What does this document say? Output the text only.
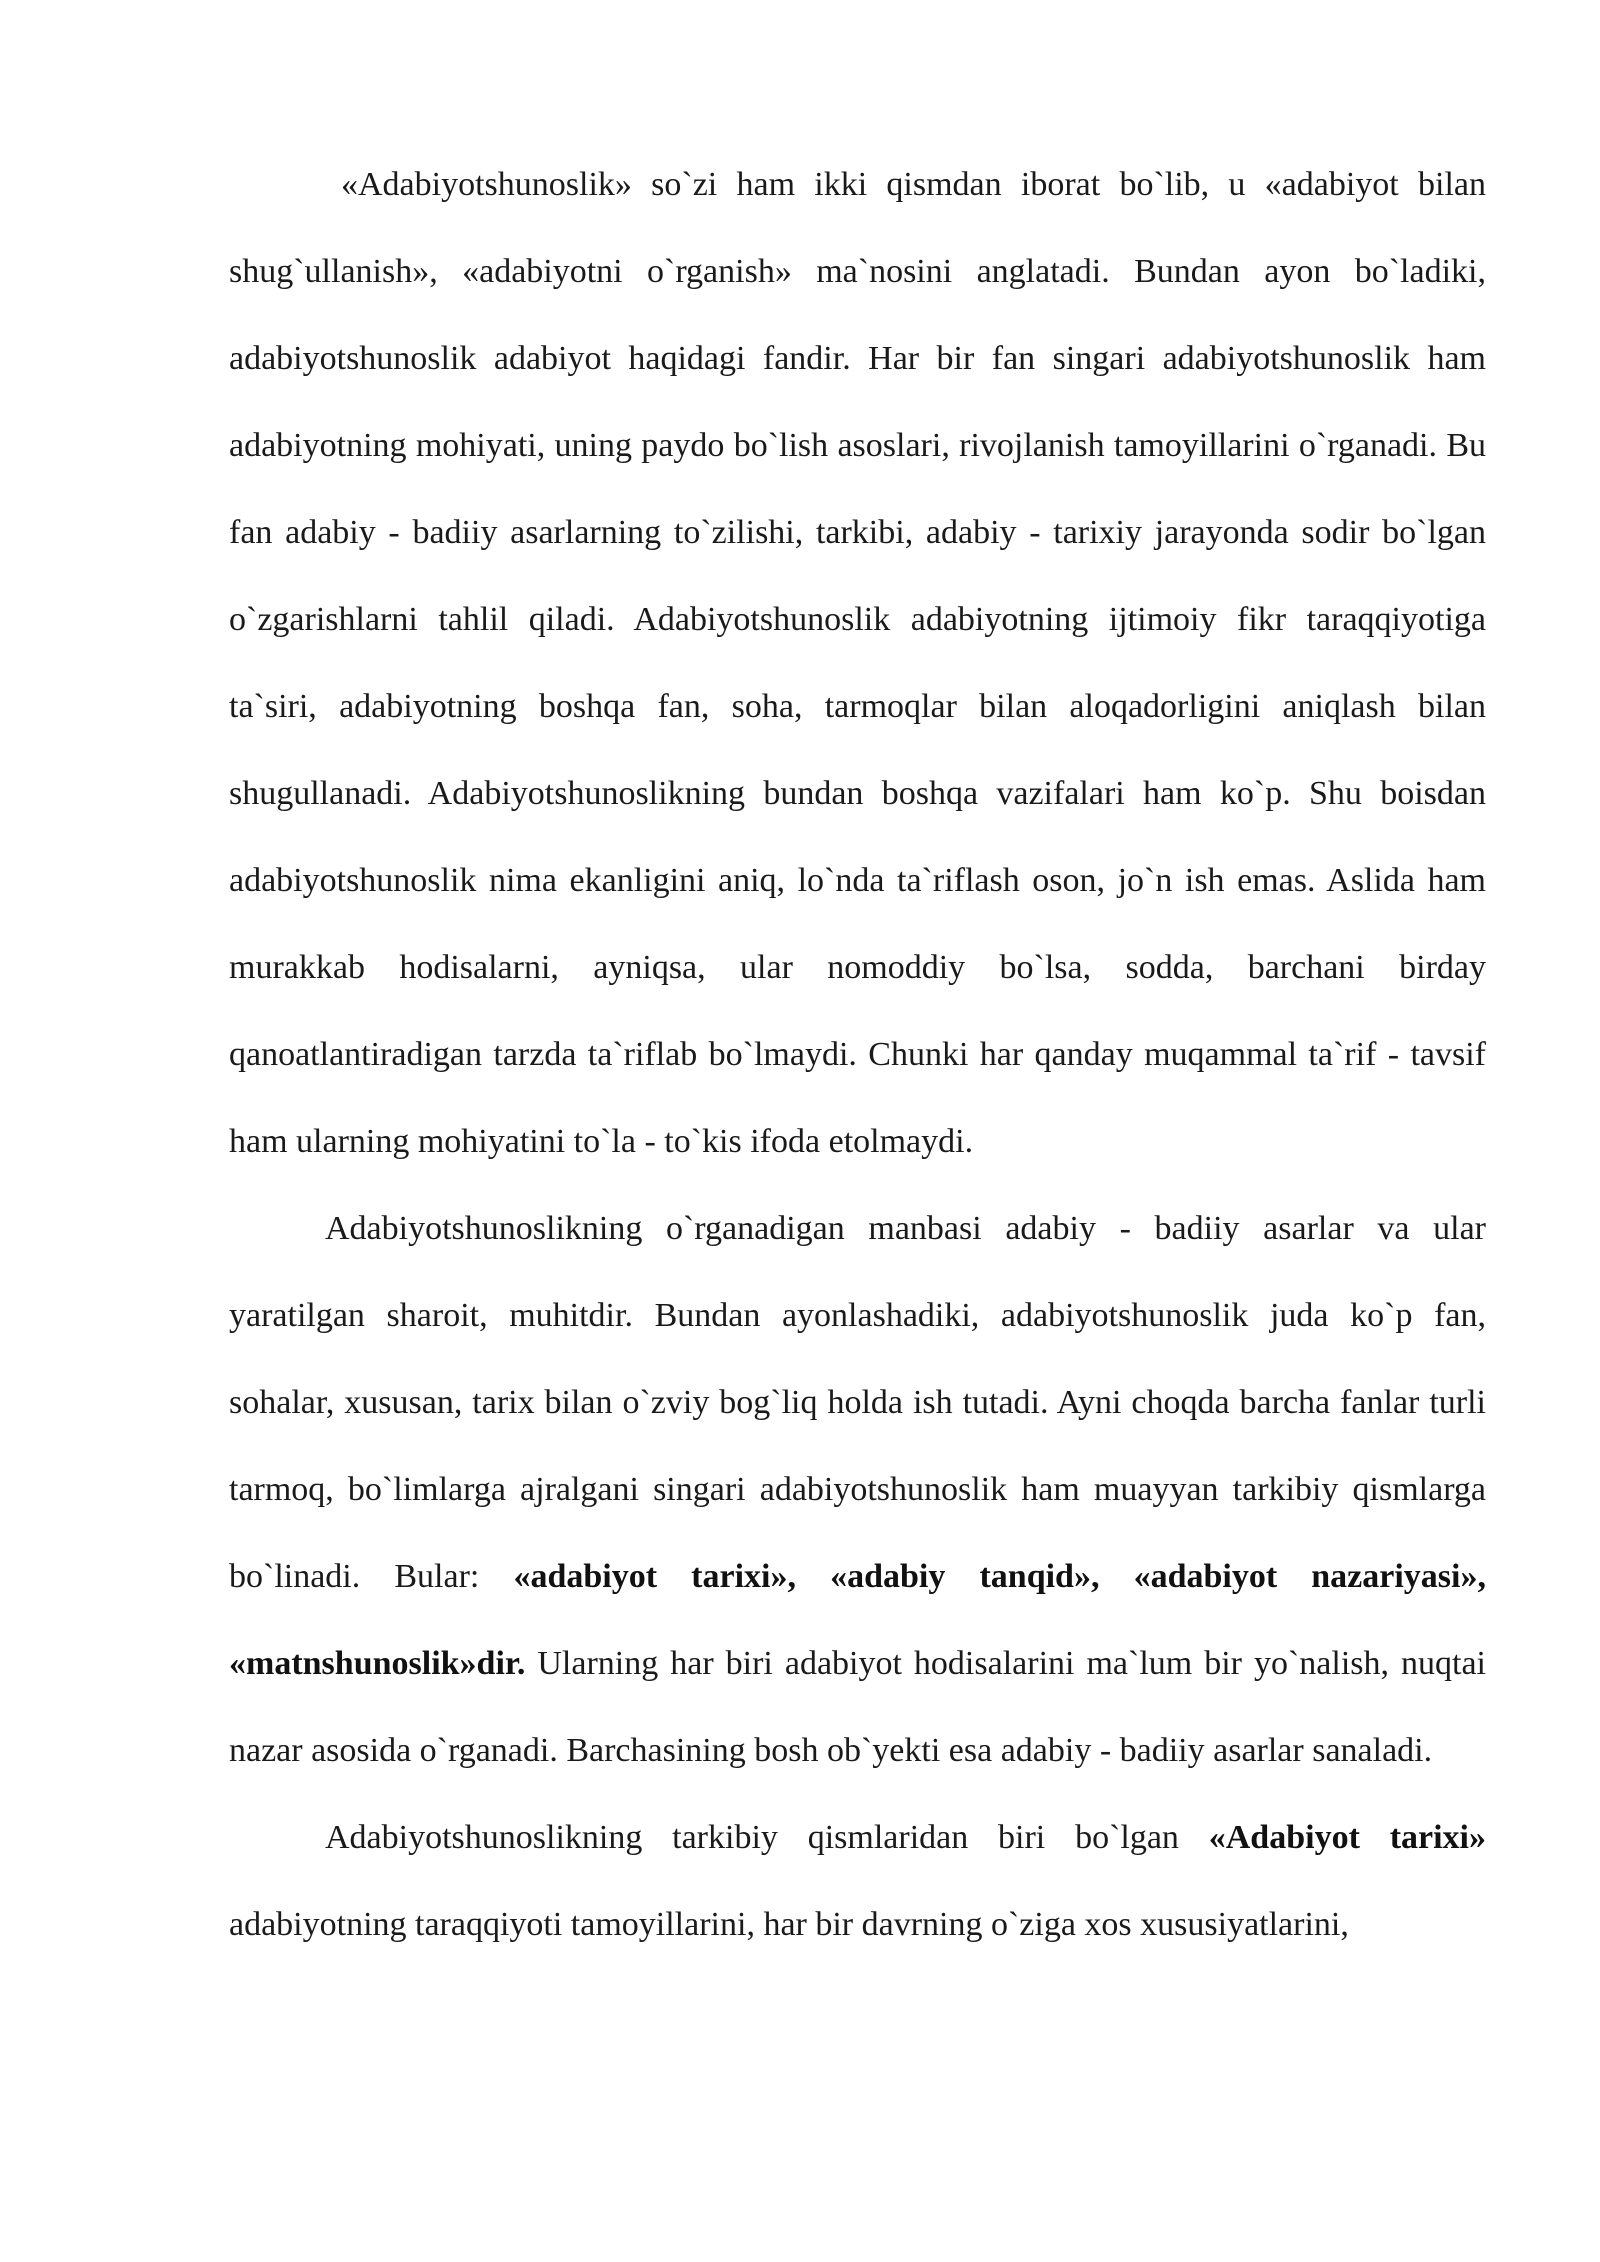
«Adabiyotshunoslik» so`zi ham ikki qismdan iborat bo`lib, u «adabiyot bilan shug`ullanish», «adabiyotni o`rganish» ma`nosini anglatadi. Bundan ayon bo`ladiki, adabiyotshunoslik adabiyot haqidagi fandir. Har bir fan singari adabiyotshunoslik ham adabiyotning mohiyati, uning paydo bo`lish asoslari, rivojlanish tamoyillarini o`rganadi. Bu fan adabiy - badiiy asarlarning to`zilishi, tarkibi, adabiy - tarixiy jarayonda sodir bo`lgan o`zgarishlarni tahlil qiladi. Adabiyotshunoslik adabiyotning ijtimoiy fikr taraqqiyotiga ta`siri, adabiyotning boshqa fan, soha, tarmoqlar bilan aloqadorligini aniqlash bilan shugullanadi. Adabiyotshunoslikning bundan boshqa vazifalari ham ko`p. Shu boisdan adabiyotshunoslik nima ekanligini aniq, lo`nda ta`riflash oson, jo`n ish emas. Aslida ham murakkab hodisalarni, ayniqsa, ular nomoddiy bo`lsa, sodda, barchani birday qanoatlantiradigan tarzda ta`riflab bo`lmaydi. Chunki har qanday muqammal ta`rif - tavsif ham ularning mohiyatini to`la - to`kis ifoda etolmaydi.

Adabiyotshunoslikning o`rganadigan manbasi adabiy - badiiy asarlar va ular yaratilgan sharoit, muhitdir. Bundan ayonlashadiki, adabiyotshunoslik juda ko`p fan, sohalar, xususan, tarix bilan o`zviy bog`liq holda ish tutadi. Ayni choqda barcha fanlar turli tarmoq, bo`limlarga ajralgani singari adabiyotshunoslik ham muayyan tarkibiy qismlarga bo`linadi. Bular: «adabiyot tarixi», «adabiy tanqid», «adabiyot nazariyasi», «matnshunoslik»dir. Ularning har biri adabiyot hodisalarini ma`lum bir yo`nalish, nuqtai nazar asosida o`rganadi. Barchasining bosh ob`yekti esa adabiy - badiiy asarlar sanaladi.

Adabiyotshunoslikning tarkibiy qismlaridan biri bo`lgan «Adabiyot tarixi» adabiyotning taraqqiyoti tamoyillarini, har bir davrning o`ziga xos xususiyatlarini,
